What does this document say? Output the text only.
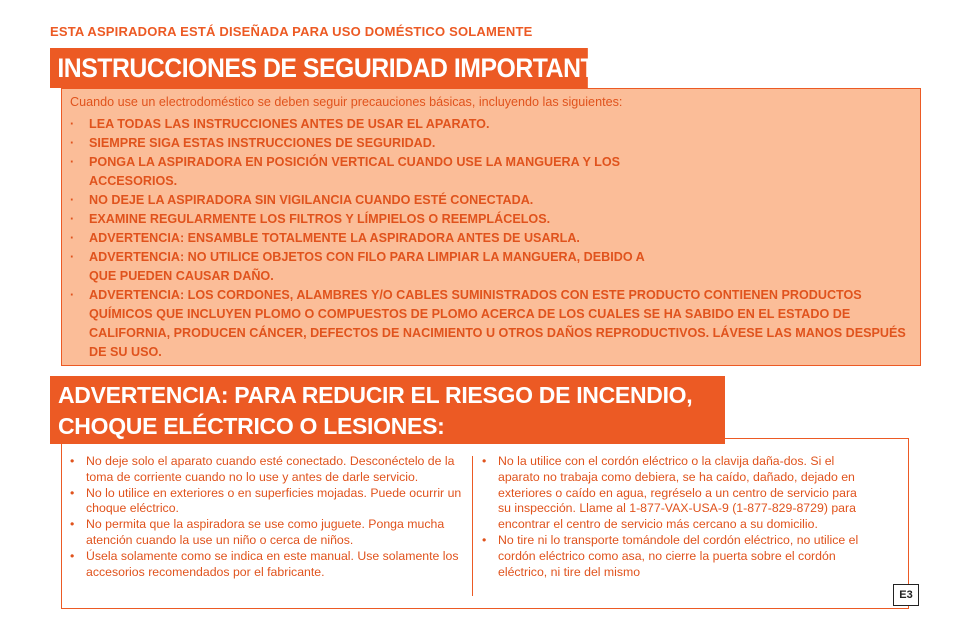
ESTA ASPIRADORA ESTÁ DISEÑADA PARA USO DOMÉSTICO SOLAMENTE
INSTRUCCIONES DE SEGURIDAD IMPORTANTES
Cuando use un electrodoméstico se deben seguir precauciones básicas, incluyendo las siguientes:
· LEA TODAS LAS INSTRUCCIONES ANTES DE USAR EL APARATO.
· SIEMPRE SIGA ESTAS INSTRUCCIONES DE SEGURIDAD.
· PONGA LA ASPIRADORA EN POSICIÓN VERTICAL CUANDO USE LA MANGUERA Y LOS ACCESORIOS.
· NO DEJE LA ASPIRADORA SIN VIGILANCIA CUANDO ESTÉ CONECTADA.
· EXAMINE REGULARMENTE LOS FILTROS Y LÍMPIELOS O REEMPLÁCELOS.
· ADVERTENCIA: ENSAMBLE TOTALMENTE LA ASPIRADORA ANTES DE USARLA.
· ADVERTENCIA: NO UTILICE OBJETOS CON FILO PARA LIMPIAR LA MANGUERA, DEBIDO A QUE PUEDEN CAUSAR DAÑO.
· ADVERTENCIA: LOS CORDONES, ALAMBRES Y/O CABLES SUMINISTRADOS CON ESTE PRODUCTO CONTIENEN PRODUCTOS QUÍMICOS QUE INCLUYEN PLOMO O COMPUESTOS DE PLOMO ACERCA DE LOS CUALES SE HA SABIDO EN EL ESTADO DE CALIFORNIA, PRODUCEN CÁNCER, DEFECTOS DE NACIMIENTO U OTROS DAÑOS REPRODUCTIVOS. LÁVESE LAS MANOS DESPUÉS DE SU USO.
ADVERTENCIA: PARA REDUCIR EL RIESGO DE INCENDIO,
CHOQUE ELÉCTRICO O LESIONES:
• No deje solo el aparato cuando esté conectado. Desconéctelo de la toma de corriente cuando no lo use y antes de darle servicio.
• No lo utilice en exteriores o en superficies mojadas. Puede ocurrir un choque eléctrico.
• No permita que la aspiradora se use como juguete. Ponga mucha atención cuando la use un niño o cerca de niños.
• Úsela solamente como se indica en este manual. Use solamente los accesorios recomendados por el fabricante.
• No la utilice con el cordón eléctrico o la clavija daña-dos. Si el aparato no trabaja como debiera, se ha caído, dañado, dejado en exteriores o caído en agua, regréselo a un centro de servicio para su inspección. Llame al 1-877-VAX-USA-9 (1-877-829-8729) para encontrar el centro de servicio más cercano a su domicilio.
• No tire ni lo transporte tomándole del cordón eléctrico, no utilice el cordón eléctrico como asa, no cierre la puerta sobre el cordón eléctrico, ni tire del mismo
E3
